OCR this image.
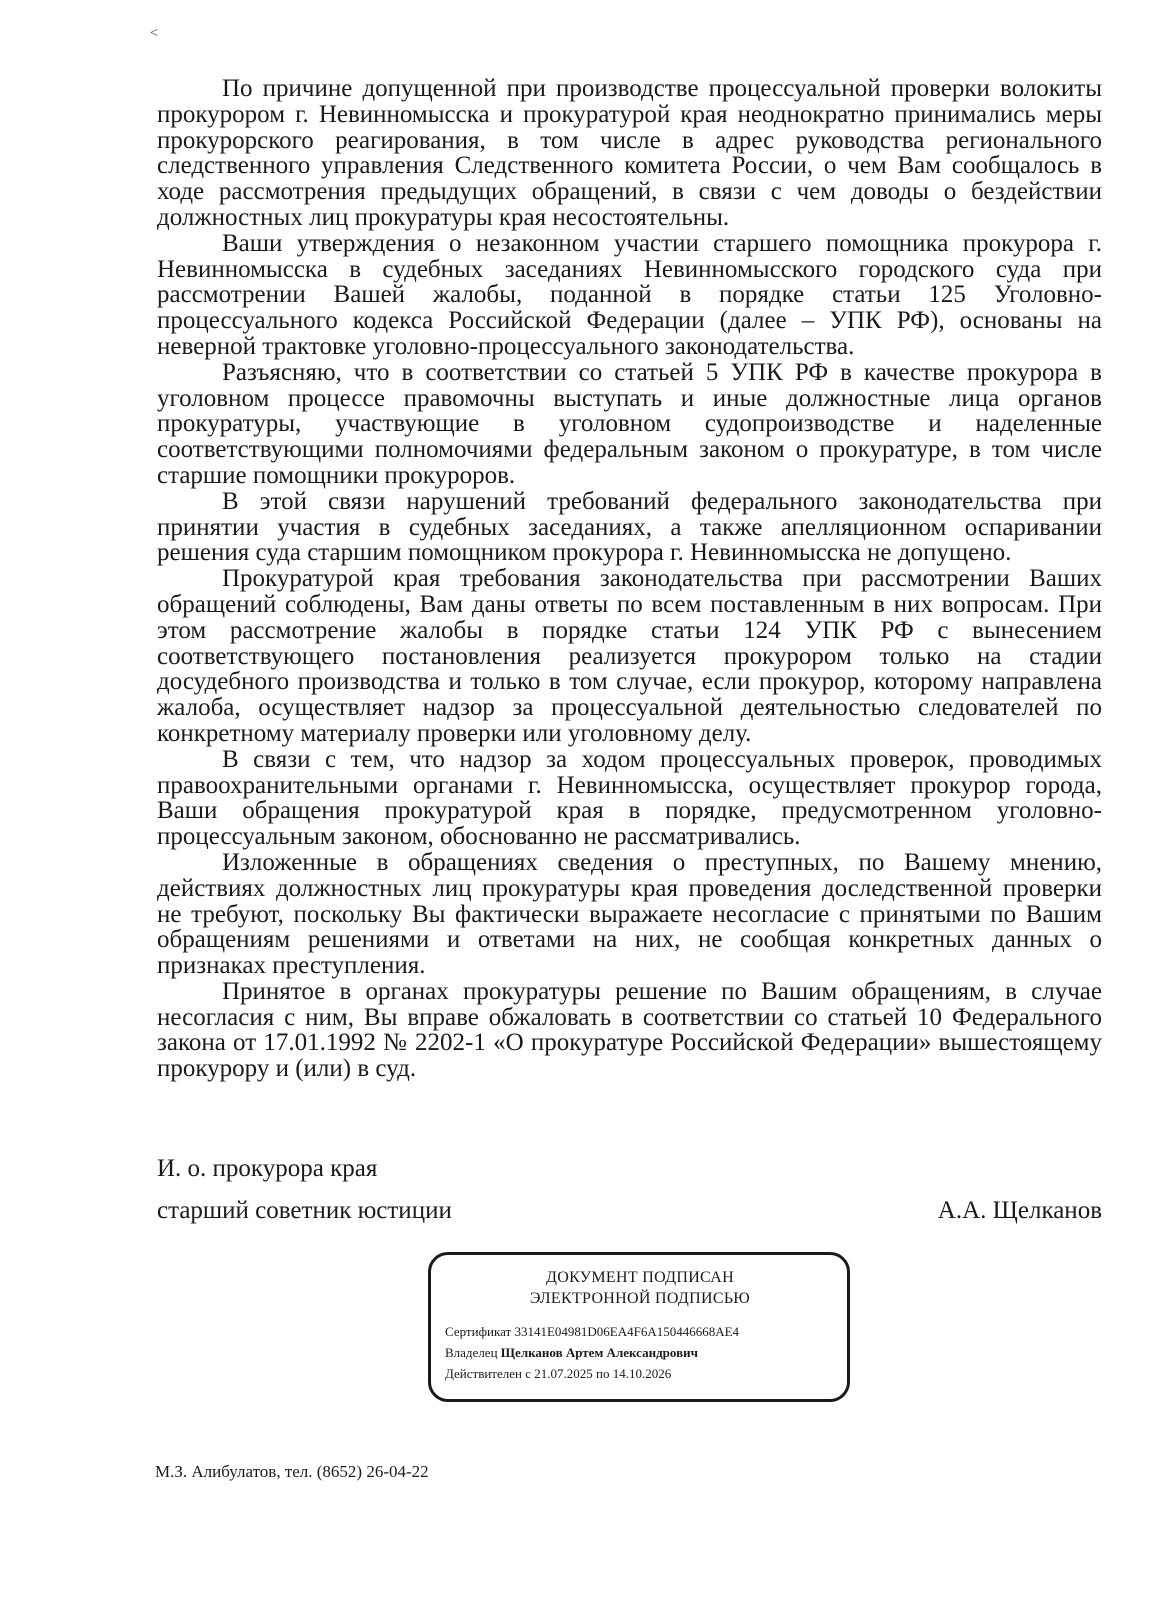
˂

По причине допущенной при производстве процессуальной проверки волокиты прокурором г. Невинномысска и прокуратурой края неоднократно принимались меры прокурорского реагирования, в том числе в адрес руководства регионального следственного управления Следственного комитета России, о чем Вам сообщалось в ходе рассмотрения предыдущих обращений, в связи с чем доводы о бездействии должностных лиц прокуратуры края несостоятельны.

Ваши утверждения о незаконном участии старшего помощника прокурора г. Невинномысска в судебных заседаниях Невинномысского городского суда при рассмотрении Вашей жалобы, поданной в порядке статьи 125 Уголовно-процессуального кодекса Российской Федерации (далее – УПК РФ), основаны на неверной трактовке уголовно-процессуального законодательства.

Разъясняю, что в соответствии со статьей 5 УПК РФ в качестве прокурора в уголовном процессе правомочны выступать и иные должностные лица органов прокуратуры, участвующие в уголовном судопроизводстве и наделенные соответствующими полномочиями федеральным законом о прокуратуре, в том числе старшие помощники прокуроров.

В этой связи нарушений требований федерального законодательства при принятии участия в судебных заседаниях, а также апелляционном оспаривании решения суда старшим помощником прокурора г. Невинномысска не допущено.

Прокуратурой края требования законодательства при рассмотрении Ваших обращений соблюдены, Вам даны ответы по всем поставленным в них вопросам. При этом рассмотрение жалобы в порядке статьи 124 УПК РФ с вынесением соответствующего постановления реализуется прокурором только на стадии досудебного производства и только в том случае, если прокурор, которому направлена жалоба, осуществляет надзор за процессуальной деятельностью следователей по конкретному материалу проверки или уголовному делу.

В связи с тем, что надзор за ходом процессуальных проверок, проводимых правоохранительными органами г. Невинномысска, осуществляет прокурор города, Ваши обращения прокуратурой края в порядке, предусмотренном уголовно-процессуальным законом, обоснованно не рассматривались.

Изложенные в обращениях сведения о преступных, по Вашему мнению, действиях должностных лиц прокуратуры края проведения доследственной проверки не требуют, поскольку Вы фактически выражаете несогласие с принятыми по Вашим обращениям решениями и ответами на них, не сообщая конкретных данных о признаках преступления.

Принятое в органах прокуратуры решение по Вашим обращениям, в случае несогласия с ним, Вы вправе обжаловать в соответствии со статьей 10 Федерального закона от 17.01.1992 № 2202-1 «О прокуратуре Российской Федерации» вышестоящему прокурору и (или) в суд.

И. о. прокурора края
старший советник юстиции	А.А. Щелканов
ДОКУМЕНТ ПОДПИСАН
ЭЛЕКТРОННОЙ ПОДПИСЬЮ
Сертификат 33141E04981D06EA4F6A150446668AE4
Владелец Щелканов Артем Александрович
Действителен с 21.07.2025 по 14.10.2026
М.З. Алибулатов, тел. (8652) 26-04-22
